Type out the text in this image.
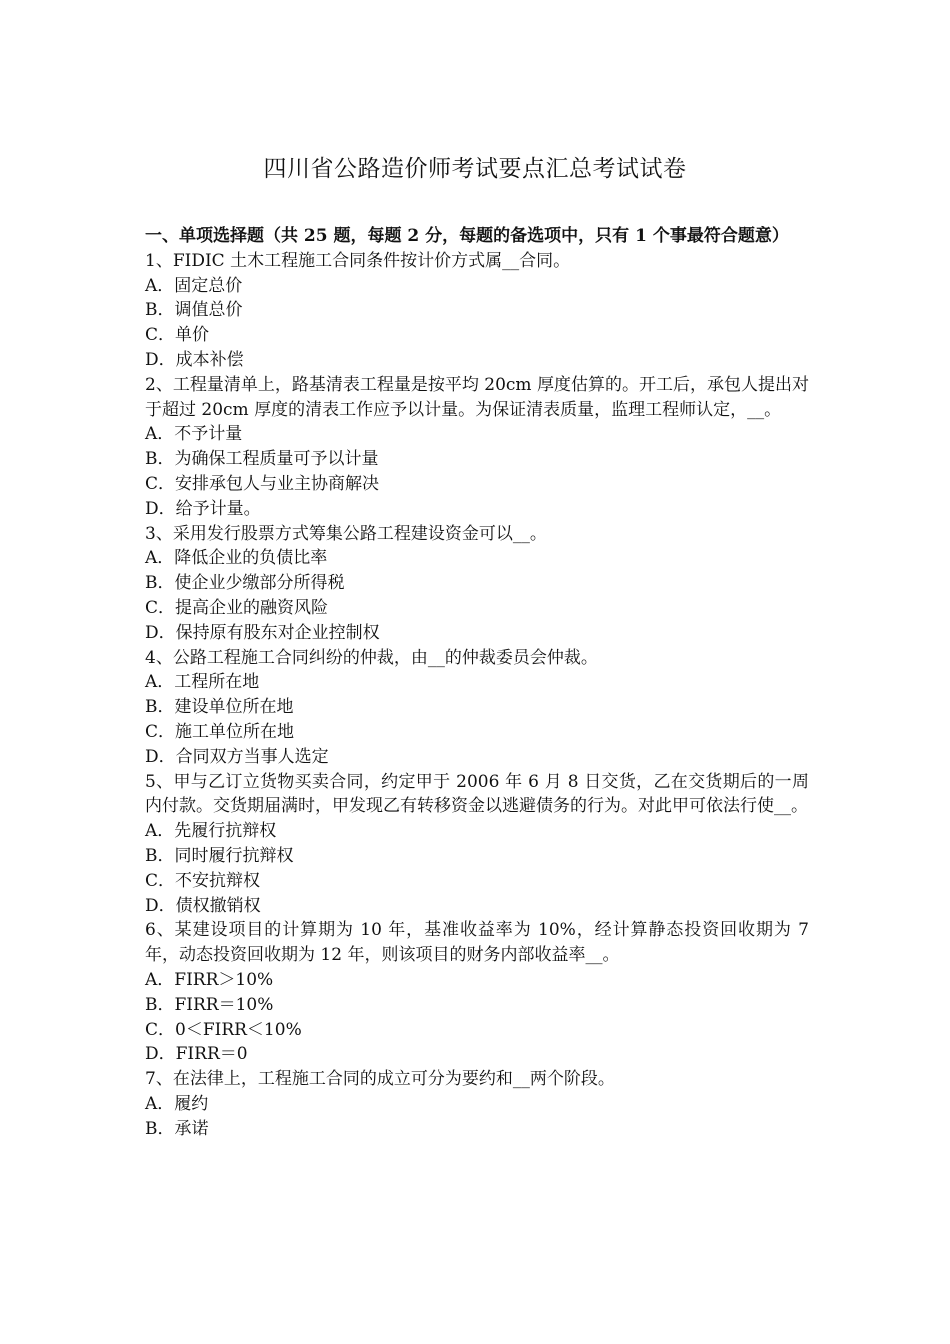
四川省公路造价师考试要点汇总考试试卷

一、单项选择题（共 25 题，每题 2 分，每题的备选项中，只有 1 个事最符合题意）

1、FIDIC 土木工程施工合同条件按计价方式属__合同。

A．固定总价

B．调值总价

C．单价

D．成本补偿

2、工程量清单上，路基清表工程量是按平均 20cm 厚度估算的。开工后，承包人提出对于超过 20cm 厚度的清表工作应予以计量。为保证清表质量，监理工程师认定，__。

A．不予计量

B．为确保工程质量可予以计量

C．安排承包人与业主协商解决

D．给予计量。

3、采用发行股票方式筹集公路工程建设资金可以__。

A．降低企业的负债比率

B．使企业少缴部分所得税

C．提高企业的融资风险

D．保持原有股东对企业控制权

4、公路工程施工合同纠纷的仲裁，由__的仲裁委员会仲裁。

A．工程所在地

B．建设单位所在地

C．施工单位所在地

D．合同双方当事人选定

5、甲与乙订立货物买卖合同，约定甲于 2006 年 6 月 8 日交货，乙在交货期后的一周内付款。交货期届满时，甲发现乙有转移资金以逃避债务的行为。对此甲可依法行使__。

A．先履行抗辩权

B．同时履行抗辩权

C．不安抗辩权

D．债权撤销权

6、某建设项目的计算期为 10 年，基准收益率为 10%，经计算静态投资回收期为 7 年，动态投资回收期为 12 年，则该项目的财务内部收益率__。

A．FIRR＞10%

B．FIRR＝10%

C．0＜FIRR＜10%

D．FIRR＝0

7、在法律上，工程施工合同的成立可分为要约和__两个阶段。

A．履约

B．承诺
